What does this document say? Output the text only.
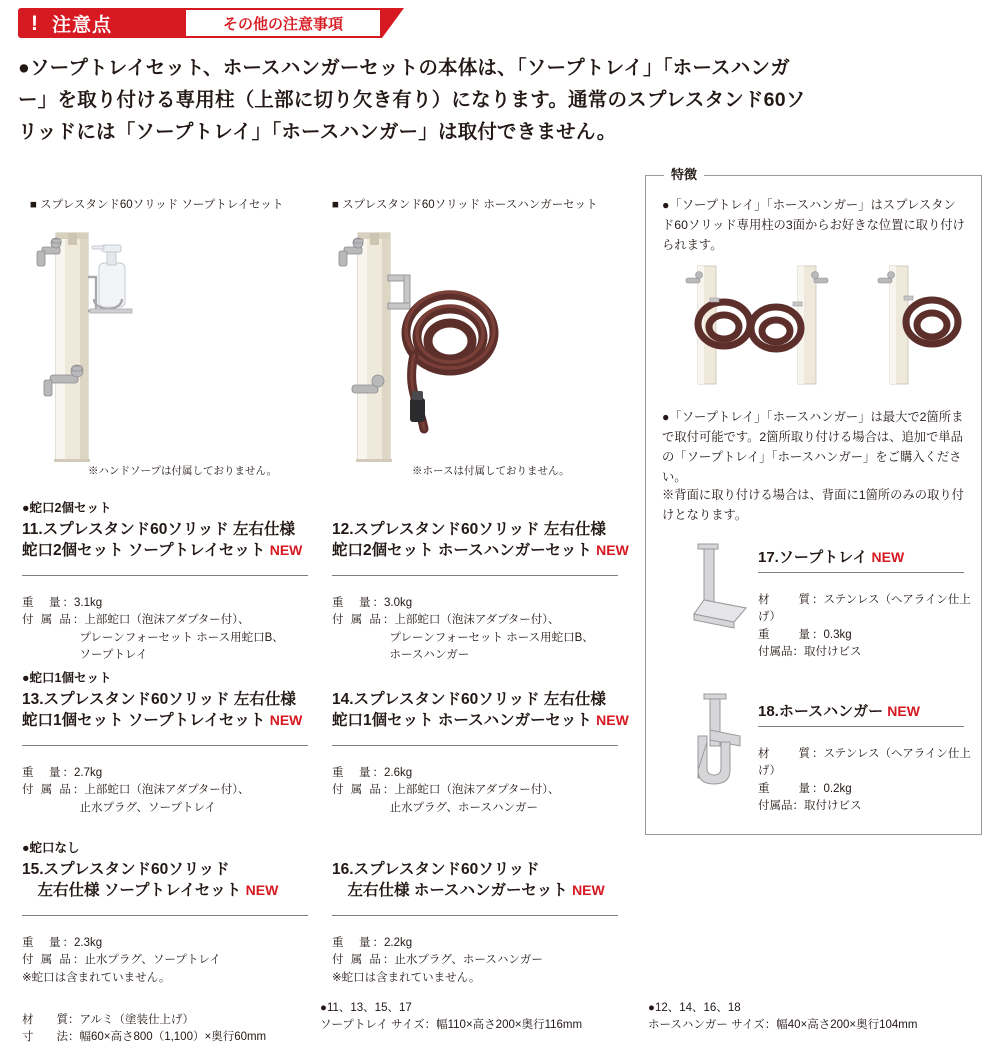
! 注意点	その他の注意事項
●ソープトレイセット、ホースハンガーセットの本体は、「ソープトレイ」「ホースハンガー」を取り付ける専用柱（上部に切り欠き有り）になります。通常のスプレスタンド60ソリッドには「ソープトレイ」「ホースハンガー」は取付できません。
■ スプレスタンド60ソリッド ソープトレイセット	■ スプレスタンド60ソリッド ホースハンガーセット
※ハンドソープは付属しておりません。	※ホースは付属しておりません。
●蛇口2個セット
11.スプレスタンド60ソリッド 左右仕様
蛇口2個セット ソープトレイセット NEW
重　量：3.1kg
付 属 品：上部蛇口（泡沫アダプター付）、
　　　　　プレーンフォーセット ホース用蛇口B、
　　　　　ソープトレイ
12.スプレスタンド60ソリッド 左右仕様
蛇口2個セット ホースハンガーセット NEW
重　量：3.0kg
付 属 品：上部蛇口（泡沫アダプター付）、
　　　　　プレーンフォーセット ホース用蛇口B、
　　　　　ホースハンガー
●蛇口1個セット
13.スプレスタンド60ソリッド 左右仕様
蛇口1個セット ソープトレイセット NEW
重　量：2.7kg
付 属 品：上部蛇口（泡沫アダプター付）、
　　　　　止水プラグ、ソープトレイ
14.スプレスタンド60ソリッド 左右仕様
蛇口1個セット ホースハンガーセット NEW
重　量：2.6kg
付 属 品：上部蛇口（泡沫アダプター付）、
　　　　　止水プラグ、ホースハンガー
●蛇口なし
15.スプレスタンド60ソリッド
　左右仕様 ソープトレイセット NEW
重　量：2.3kg
付 属 品：止水プラグ、ソープトレイ
※蛇口は含まれていません。
16.スプレスタンド60ソリッド
　左右仕様 ホースハンガーセット NEW
重　量：2.2kg
付 属 品：止水プラグ、ホースハンガー
※蛇口は含まれていません。
特徴
●「ソープトレイ」「ホースハンガー」はスプレスタンド60ソリッド専用柱の3面からお好きな位置に取り付けられます。
●「ソープトレイ」「ホースハンガー」は最大で2箇所まで取付可能です。2箇所取り付ける場合は、追加で単品の「ソープトレイ」「ホースハンガー」をご購入ください。
※背面に取り付ける場合は、背面に1箇所のみの取り付けとなります。
17.ソープトレイ NEW
材　　質：ステンレス（ヘアライン仕上げ）
重　　量：0.3kg
付属品：取付けビス
18.ホースハンガー NEW
材　　質：ステンレス（ヘアライン仕上げ）
重　　量：0.2kg
付属品：取付けビス
材　　質：アルミ（塗装仕上げ）
寸　　法：幅60×高さ800（1,100）×奥行60mm
●11、13、15、17
ソープトレイ サイズ：幅110×高さ200×奥行116mm
●12、14、16、18
ホースハンガー サイズ：幅40×高さ200×奥行104mm
